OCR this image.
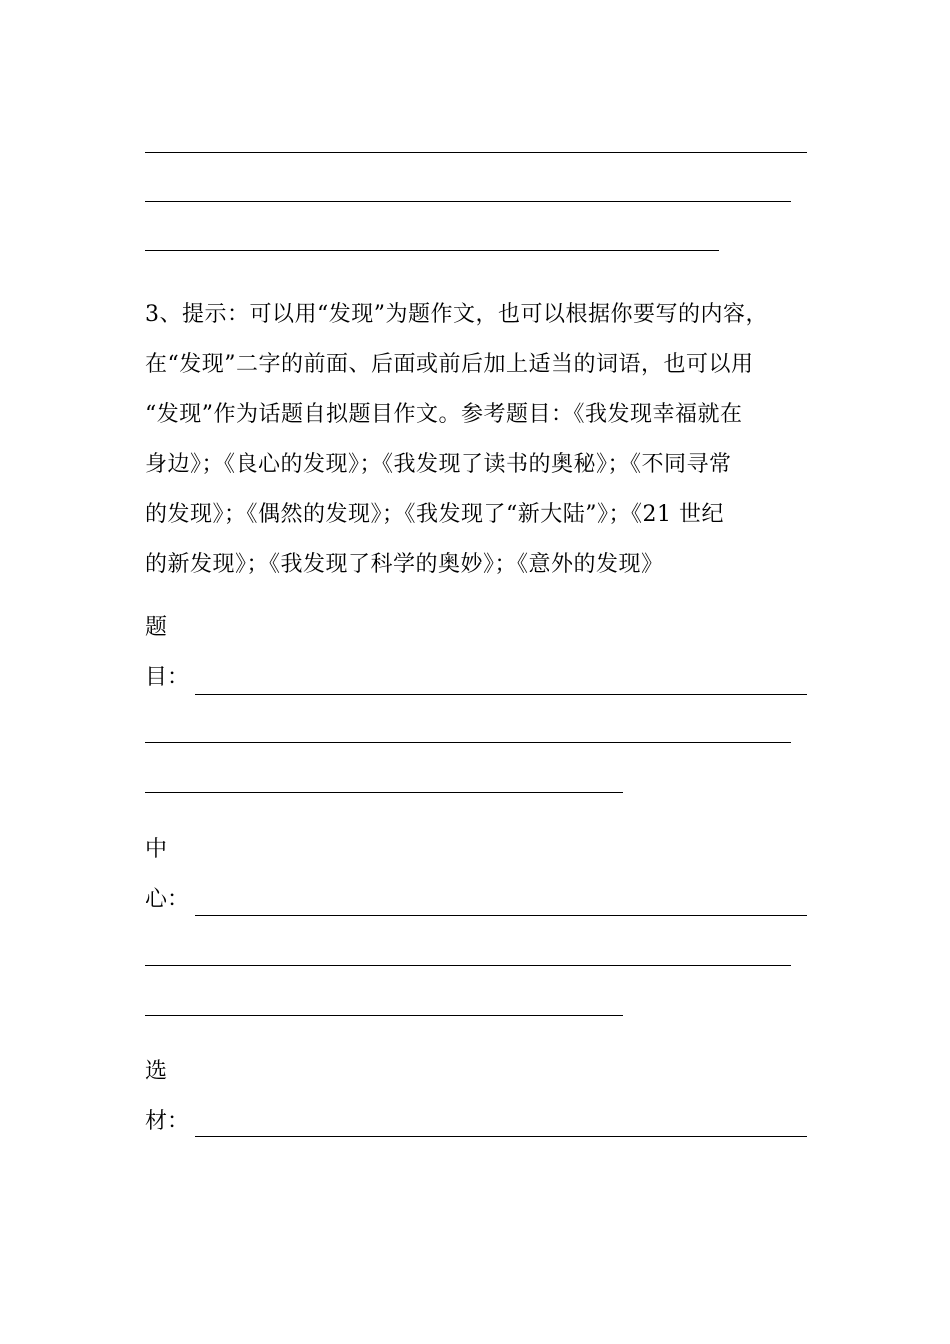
3、提示：可以用“发现”为题作文，也可以根据你要写的内容，

在“发现”二字的前面、后面或前后加上适当的词语，也可以用

“发现”作为话题自拟题目作文。参考题目：《我发现幸福就在

身边》；《良心的发现》；《我发现了读书的奥秘》；《不同寻常

的发现》；《偶然的发现》；《我发现了“新大陆”》；《21 世纪

的新发现》；《我发现了科学的奥妙》；《意外的发现》

题
目：
中
心：
选
材：
